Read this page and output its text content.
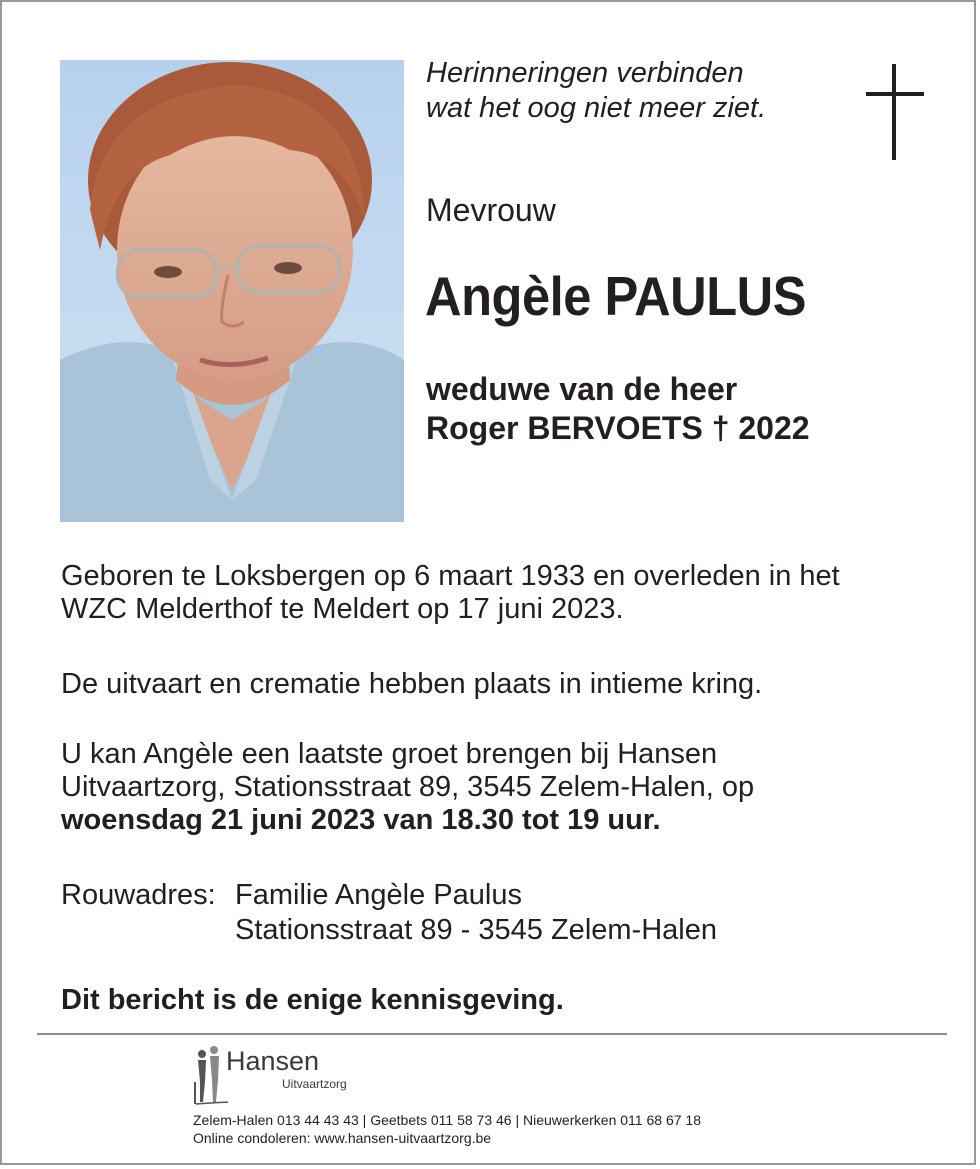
Herinneringen verbinden
wat het oog niet meer ziet.

Mevrouw

Angèle PAULUS
weduwe van de heer
Roger BERVOETS † 2022
Geboren te Loksbergen op 6 maart 1933 en overleden in het
WZC Melderthof te Meldert op 17 juni 2023.
De uitvaart en crematie hebben plaats in intieme kring.
U kan Angèle een laatste groet brengen bij Hansen
Uitvaartzorg, Stationsstraat 89, 3545 Zelem-Halen, op
woensdag 21 juni 2023 van 18.30 tot 19 uur.
Rouwadres: Familie Angèle Paulus
Stationsstraat 89 - 3545 Zelem-Halen

Dit bericht is de enige kennisgeving.

Hansen
Uitvaartzorg
Zelem-Halen 013 44 43 43 | Geetbets 011 58 73 46 | Nieuwerkerken 011 68 67 18
Online condoleren: www.hansen-uitvaartzorg.be
